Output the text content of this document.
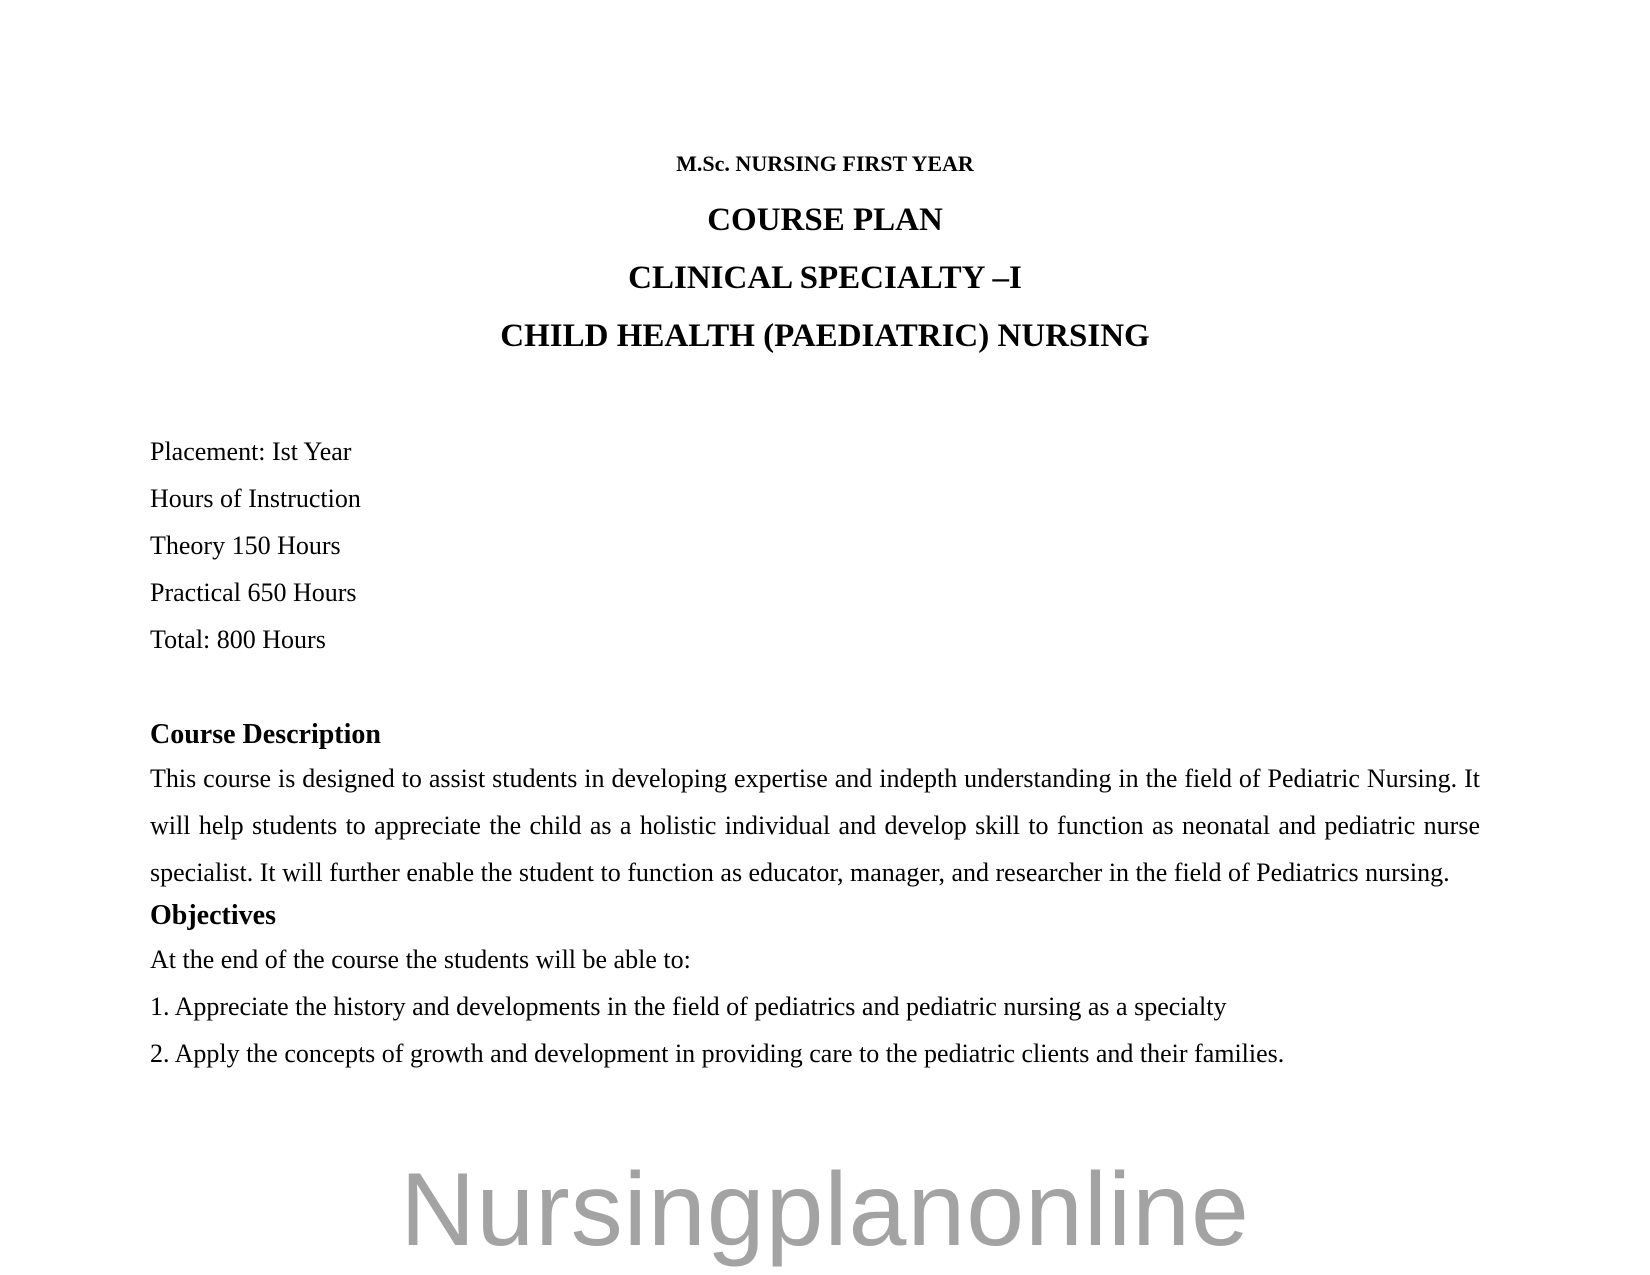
M.Sc. NURSING FIRST YEAR
COURSE PLAN
CLINICAL SPECIALTY –I
CHILD HEALTH (PAEDIATRIC) NURSING
Placement: Ist Year
Hours of Instruction
Theory 150 Hours
Practical 650 Hours
Total: 800 Hours
Course Description
This course is designed to assist students in developing expertise and indepth understanding in the field of Pediatric Nursing. It will help students to appreciate the child as a holistic individual and develop skill to function as neonatal and pediatric nurse specialist. It will further enable the student to function as educator, manager, and researcher in the field of Pediatrics nursing.
Objectives
At the end of the course the students will be able to:
1. Appreciate the history and developments in the field of pediatrics and pediatric nursing as a specialty
2. Apply the concepts of growth and development in providing care to the pediatric clients and their families.
Nursingplanonline
